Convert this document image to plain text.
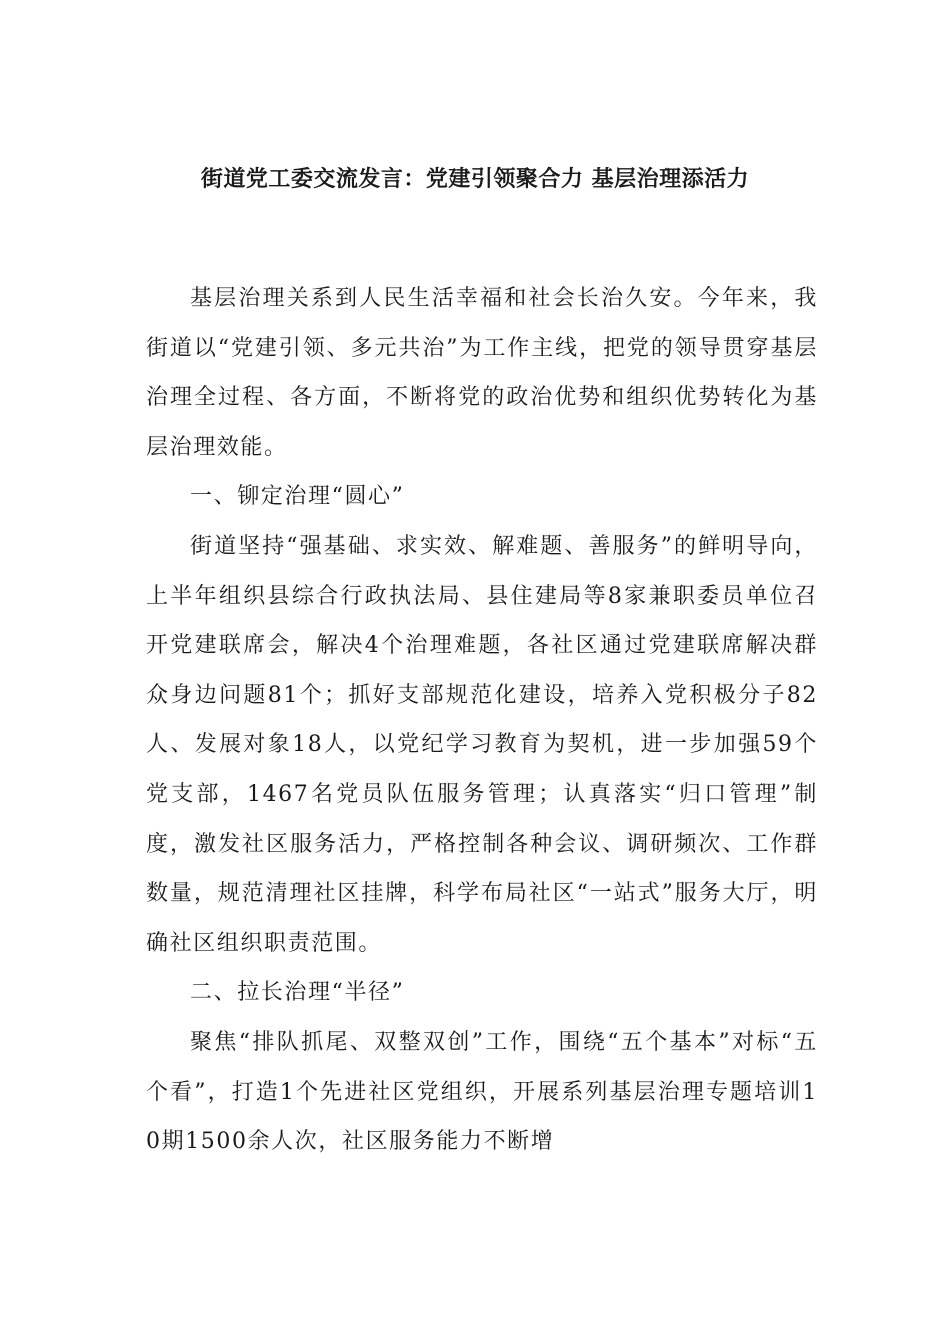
街道党工委交流发言：党建引领聚合力 基层治理添活力

基层治理关系到人民生活幸福和社会长治久安。今年来，我街道以“党建引领、多元共治”为工作主线，把党的领导贯穿基层治理全过程、各方面，不断将党的政治优势和组织优势转化为基层治理效能。

一、铆定治理“圆心”

街道坚持“强基础、求实效、解难题、善服务”的鲜明导向，上半年组织县综合行政执法局、县住建局等8家兼职委员单位召开党建联席会，解决4个治理难题，各社区通过党建联席解决群众身边问题81个；抓好支部规范化建设，培养入党积极分子82人、发展对象18人，以党纪学习教育为契机，进一步加强59个党支部，1467名党员队伍服务管理；认真落实“归口管理”制度，激发社区服务活力，严格控制各种会议、调研频次、工作群数量，规范清理社区挂牌，科学布局社区“一站式”服务大厅，明确社区组织职责范围。

二、拉长治理“半径”

聚焦“排队抓尾、双整双创”工作，围绕“五个基本”对标“五个看”，打造1个先进社区党组织，开展系列基层治理专题培训10期1500余人次，社区服务能力不断增
